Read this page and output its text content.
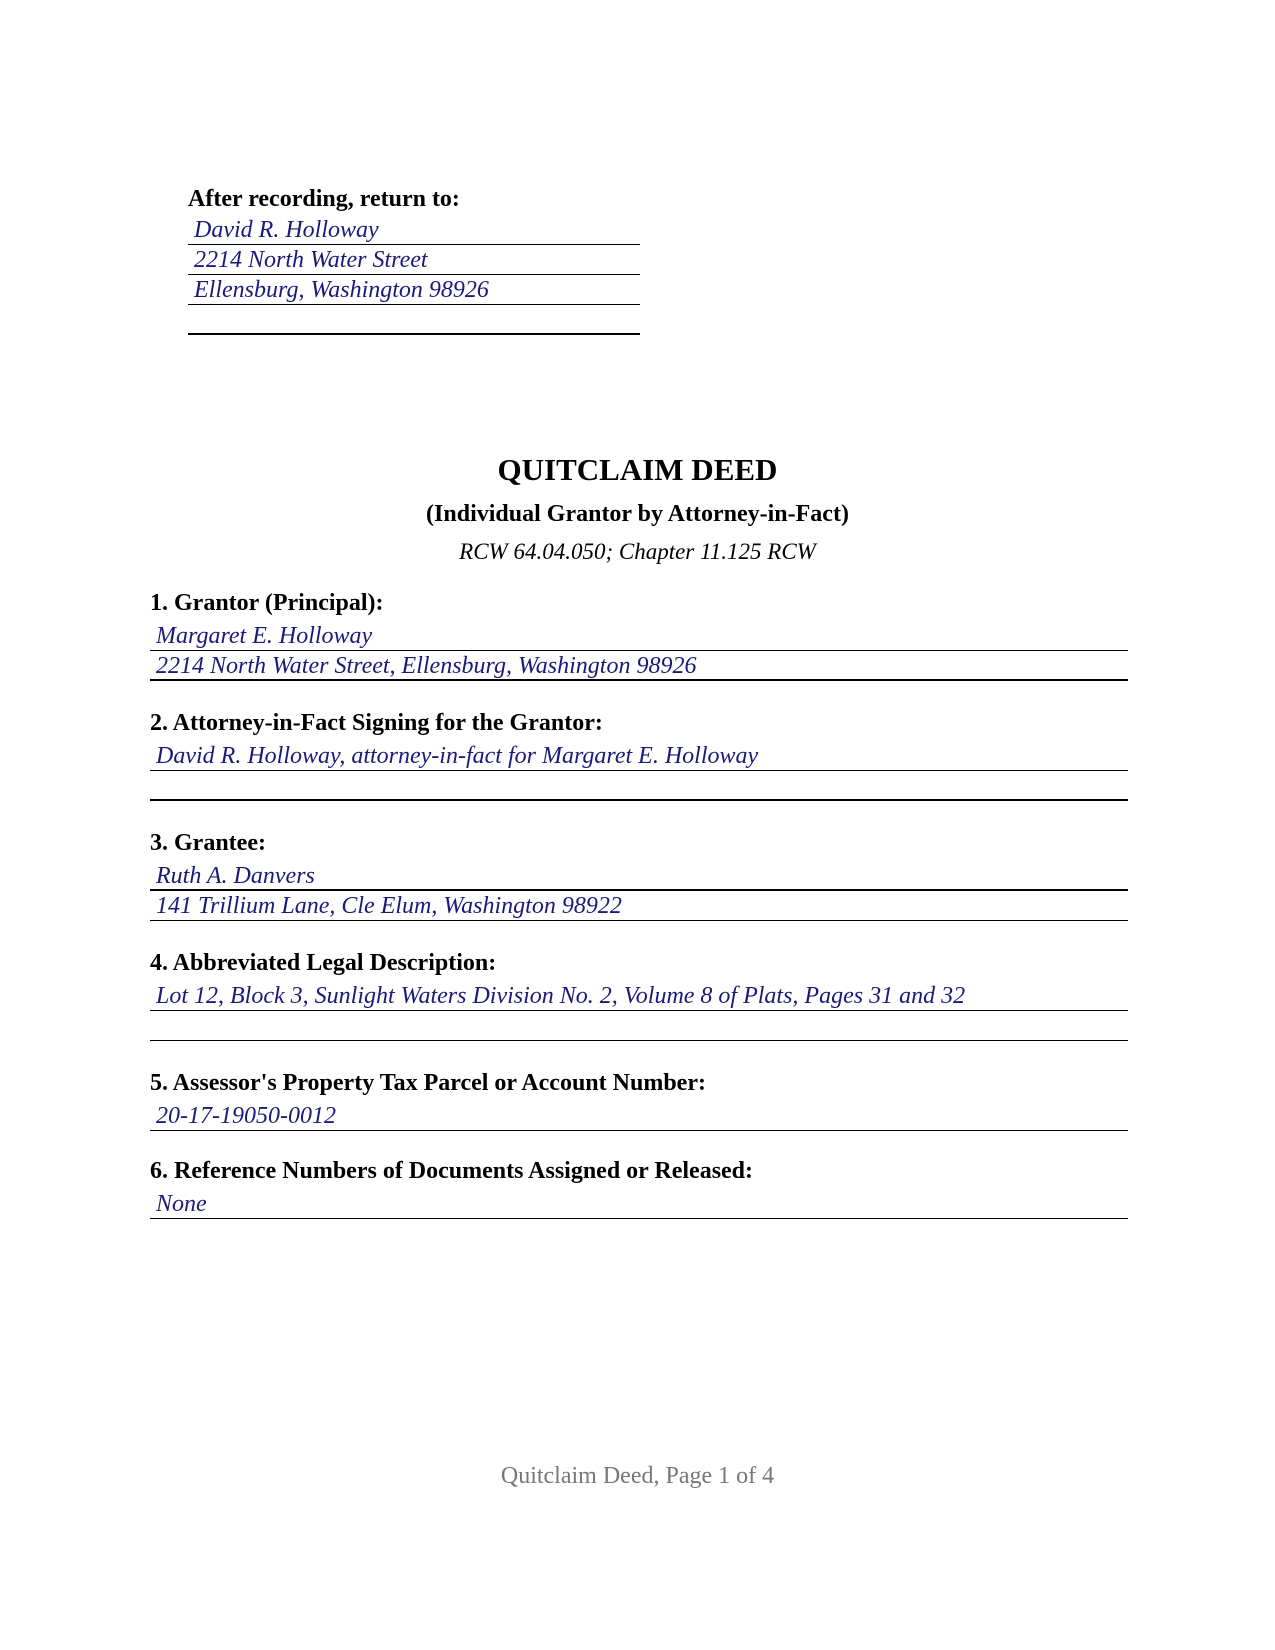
After recording, return to:
David R. Holloway
2214 North Water Street
Ellensburg, Washington 98926
QUITCLAIM DEED
(Individual Grantor by Attorney-in-Fact)
RCW 64.04.050; Chapter 11.125 RCW
1. Grantor (Principal):
Margaret E. Holloway
2214 North Water Street, Ellensburg, Washington 98926
2. Attorney-in-Fact Signing for the Grantor:
David R. Holloway, attorney-in-fact for Margaret E. Holloway
3. Grantee:
Ruth A. Danvers
141 Trillium Lane, Cle Elum, Washington 98922
4. Abbreviated Legal Description:
Lot 12, Block 3, Sunlight Waters Division No. 2, Volume 8 of Plats, Pages 31 and 32
5. Assessor's Property Tax Parcel or Account Number:
20-17-19050-0012
6. Reference Numbers of Documents Assigned or Released:
None
Quitclaim Deed, Page 1 of 4
